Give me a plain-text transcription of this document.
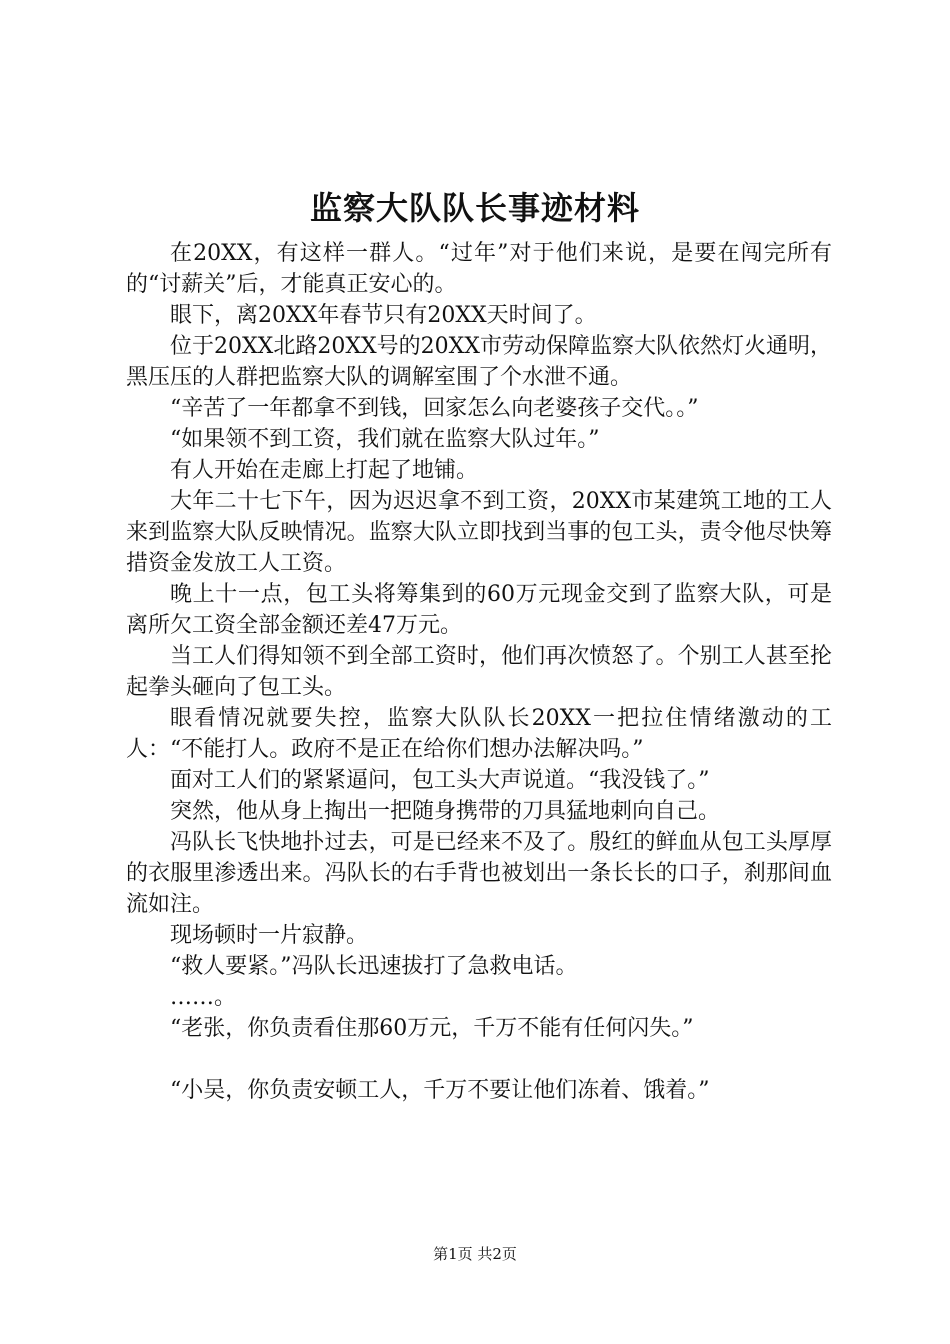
监察大队队长事迹材料

在20XX，有这样一群人。“过年”对于他们来说，是要在闯完所有的“讨薪关”后，才能真正安心的。

眼下，离20XX年春节只有20XX天时间了。

位于20XX北路20XX号的20XX市劳动保障监察大队依然灯火通明，黑压压的人群把监察大队的调解室围了个水泄不通。

“辛苦了一年都拿不到钱，回家怎么向老婆孩子交代。。”

“如果领不到工资，我们就在监察大队过年。”

有人开始在走廊上打起了地铺。

大年二十七下午，因为迟迟拿不到工资，20XX市某建筑工地的工人来到监察大队反映情况。监察大队立即找到当事的包工头，责令他尽快筹措资金发放工人工资。

晚上十一点，包工头将筹集到的60万元现金交到了监察大队，可是离所欠工资全部金额还差47万元。

当工人们得知领不到全部工资时，他们再次愤怒了。个别工人甚至抡起拳头砸向了包工头。

眼看情况就要失控，监察大队队长20XX一把拉住情绪激动的工人：“不能打人。政府不是正在给你们想办法解决吗。”

面对工人们的紧紧逼问，包工头大声说道。“我没钱了。”

突然，他从身上掏出一把随身携带的刀具猛地刺向自己。

冯队长飞快地扑过去，可是已经来不及了。殷红的鲜血从包工头厚厚的衣服里渗透出来。冯队长的右手背也被划出一条长长的口子，刹那间血流如注。

现场顿时一片寂静。

“救人要紧。”冯队长迅速拔打了急救电话。

……。

“老张，你负责看住那60万元，千万不能有任何闪失。”

“小吴，你负责安顿工人，千万不要让他们冻着、饿着。”

第1页 共2页
